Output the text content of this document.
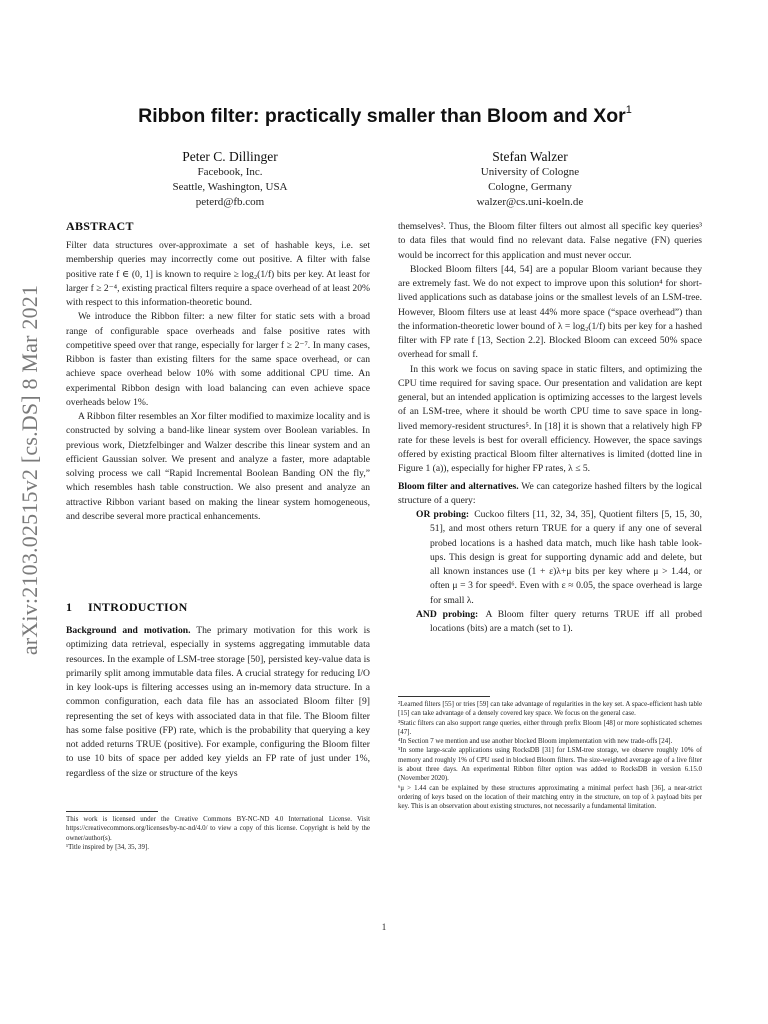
arXiv:2103.02515v2 [cs.DS] 8 Mar 2021
Ribbon filter: practically smaller than Bloom and Xor$^1$
Peter C. Dillinger
Facebook, Inc.
Seattle, Washington, USA
peterd@fb.com
Stefan Walzer
University of Cologne
Cologne, Germany
walzer@cs.uni-koeln.de
ABSTRACT

Filter data structures over-approximate a set of hashable keys, i.e. set membership queries may incorrectly come out positive. A filter with false positive rate f ∈ (0, 1] is known to require ≥ log₂(1/f) bits per key. At least for larger f ≥ 2⁻⁴, existing practical filters require a space overhead of at least 20% with respect to this information-theoretic bound.

We introduce the Ribbon filter: a new filter for static sets with a broad range of configurable space overheads and false positive rates with competitive speed over that range, especially for larger f ≥ 2⁻⁷. In many cases, Ribbon is faster than existing filters for the same space overhead, or can achieve space overhead below 10% with some additional CPU time. An experimental Ribbon design with load balancing can even achieve space overheads below 1%.

A Ribbon filter resembles an Xor filter modified to maximize locality and is constructed by solving a band-like linear system over Boolean variables. In previous work, Dietzfelbinger and Walzer describe this linear system and an efficient Gaussian solver. We present and analyze a faster, more adaptable solving process we call “Rapid Incremental Boolean Banding ON the fly,” which resembles hash table construction. We also present and analyze an attractive Ribbon variant based on making the linear system homogeneous, and describe several more practical enhancements.

1 INTRODUCTION

Background and motivation. The primary motivation for this work is optimizing data retrieval, especially in systems aggregating immutable data resources. In the example of LSM-tree storage [50], persisted key-value data is primarily split among immutable data files. A crucial strategy for reducing I/O in key look-ups is filtering accesses using an in-memory data structure. In a common configuration, each data file has an associated Bloom filter [9] representing the set of keys with associated data in that file. The Bloom filter has some false positive (FP) rate, which is the probability that querying a key not added returns TRUE (positive). For example, configuring the Bloom filter to use 10 bits of space per added key yields an FP rate of just under 1%, regardless of the size or structure of the keys

This work is licensed under the Creative Commons BY-NC-ND 4.0 International License. Visit https://creativecommons.org/licenses/by-nc-nd/4.0/ to view a copy of this license. Copyright is held by the owner/author(s).

¹Title inspired by [34, 35, 39].

themselves². Thus, the Bloom filter filters out almost all specific key queries³ to data files that would find no relevant data. False negative (FN) queries would be incorrect for this application and must never occur.

Blocked Bloom filters [44, 54] are a popular Bloom variant because they are extremely fast. We do not expect to improve upon this solution⁴ for short-lived applications such as database joins or the smallest levels of an LSM-tree. However, Bloom filters use at least 44% more space (“space overhead”) than the information-theoretic lower bound of λ = log₂(1/f) bits per key for a hashed filter with FP rate f [13, Section 2.2]. Blocked Bloom can exceed 50% space overhead for small f.

In this work we focus on saving space in static filters, and optimizing the CPU time required for saving space. Our presentation and validation are kept general, but an intended application is optimizing accesses to the largest levels of an LSM-tree, where it should be worth CPU time to save space in long-lived memory-resident structures⁵. In [18] it is shown that a relatively high FP rate for these levels is best for overall efficiency. However, the space savings offered by existing practical Bloom filter alternatives is limited (dotted line in Figure 1 (a)), especially for higher FP rates, λ ≤ 5.

Bloom filter and alternatives. We can categorize hashed filters by the logical structure of a query:

OR probing: Cuckoo filters [11, 32, 34, 35], Quotient filters [5, 15, 30, 51], and most others return TRUE for a query if any one of several probed locations is a hashed data match, much like hash table look-ups. This design is great for supporting dynamic add and delete, but all known instances use (1 + ε)λ+μ bits per key where μ > 1.44, or often μ = 3 for speed⁶. Even with ε ≈ 0.05, the space overhead is large for small λ.

AND probing: A Bloom filter query returns TRUE iff all probed locations (bits) are a match (set to 1).

²Learned filters [55] or tries [59] can take advantage of regularities in the key set. A space-efficient hash table [15] can take advantage of a densely covered key space. We focus on the general case.

³Static filters can also support range queries, either through prefix Bloom [48] or more sophisticated schemes [47].

⁴In Section 7 we mention and use another blocked Bloom implementation with new trade-offs [24].

⁵In some large-scale applications using RocksDB [31] for LSM-tree storage, we observe roughly 10% of memory and roughly 1% of CPU used in blocked Bloom filters. The size-weighted average age of a live filter is about three days. An experimental Ribbon filter option was added to RocksDB in version 6.15.0 (November 2020).

⁶μ > 1.44 can be explained by these structures approximating a minimal perfect hash [36], a near-strict ordering of keys based on the location of their matching entry in the structure, on top of λ payload bits per key. This is an observation about existing structures, not necessarily a fundamental limitation.

1
